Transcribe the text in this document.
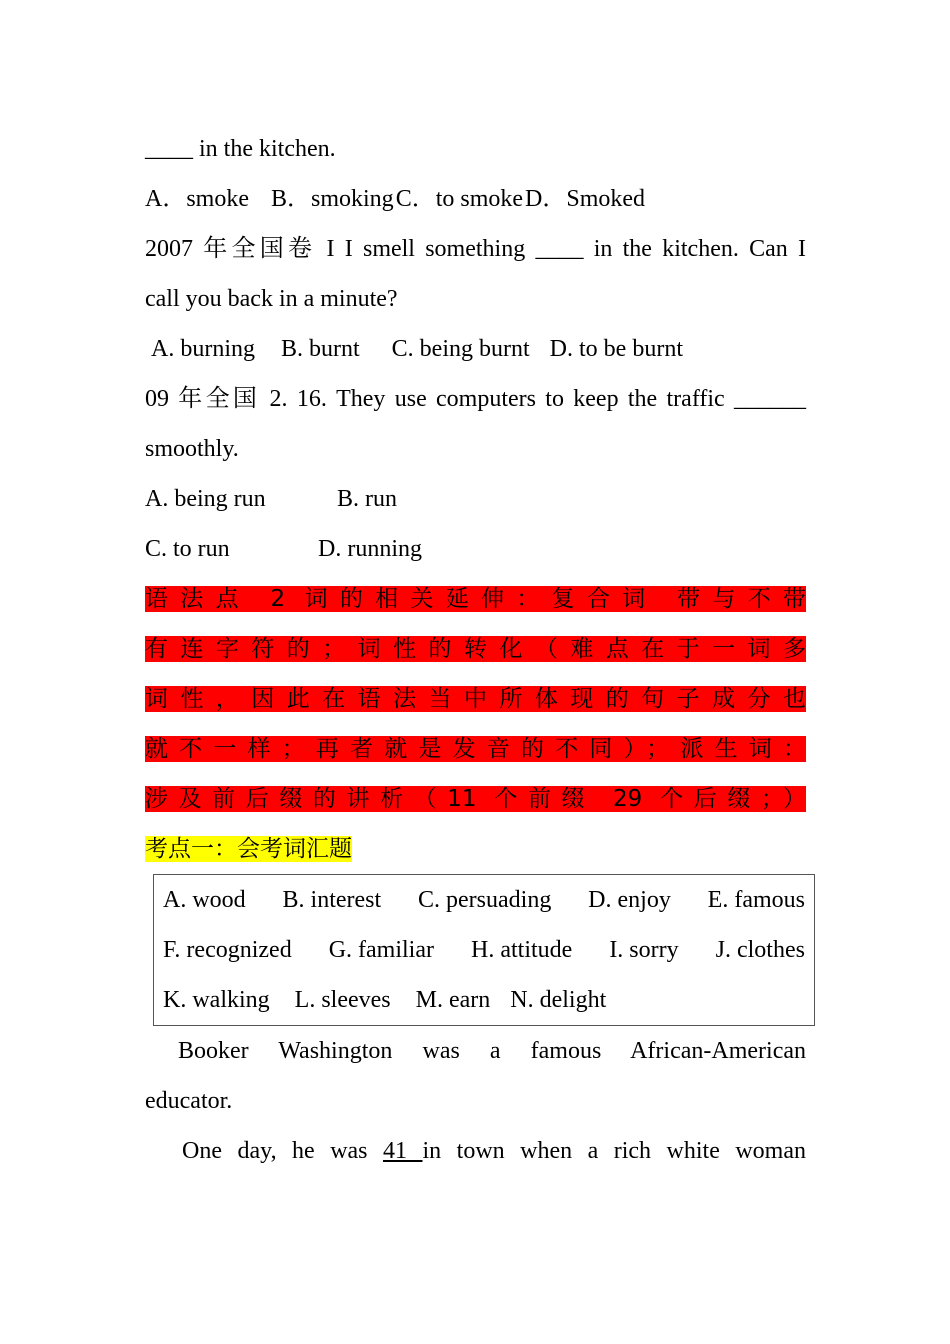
____ in the kitchen.
A．smoke B．smokingC．to smokeD．Smoked
2007 年全国卷 I I smell something ____ in the kitchen. Can I
call you back in a minute?
A. burning B. burnt C. being burnt D. to be burnt
09 年全国 2. 16. They use computers to keep the traffic ______
smoothly.
A. being run	B. run
C. to run	D. running
语法点 2 词的相关延伸：复合词 带与不带
有连字符的；词性的转化（难点在于一词多
词性，因此在语法当中所体现的句子成分也
就不一样；再者就是发音的不同）；派生词：
涉及前后缀的讲析（11 个前缀 29 个后缀；）
考点一：会考词汇题
A. wood B. interest C. persuading D. enjoy E. famous
F. recognized G. familiar H. attitude I. sorry J. clothes
K. walking L. sleeves M. earn N. delight
Booker Washington was a famous African-American
educator.
One day, he was 41 in town when a rich white woman
